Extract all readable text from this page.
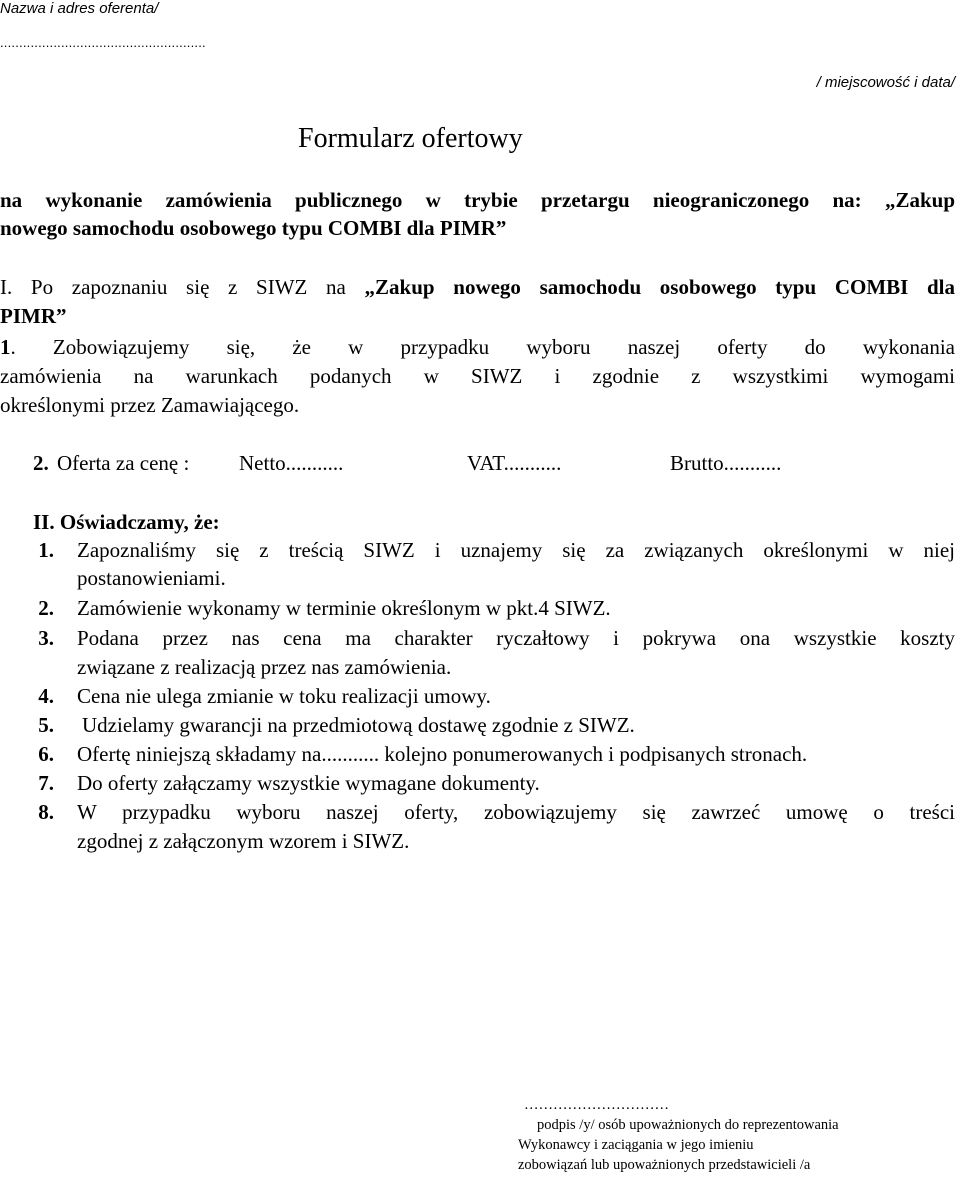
Nazwa i adres oferenta/
......................................................
/ miejscowość i data/
Formularz ofertowy
na wykonanie zamówienia publicznego w trybie przetargu nieograniczonego na: „Zakup
nowego samochodu osobowego typu COMBI dla PIMR”
I. Po zapoznaniu się z SIWZ na „Zakup nowego samochodu osobowego typu COMBI dla
PIMR”
1. Zobowiązujemy się, że w przypadku wyboru naszej oferty do wykonania
zamówienia na warunkach podanych w SIWZ i zgodnie z wszystkimi wymogami
określonymi przez Zamawiającego.
2. Oferta za cenę : Netto...........	VAT...........	Brutto...........
II. Oświadczamy, że:
1. Zapoznaliśmy się z treścią SIWZ i uznajemy się za związanych określonymi w niej
postanowieniami.
2. Zamówienie wykonamy w terminie określonym w pkt.4 SIWZ.
3. Podana przez nas cena ma charakter ryczałtowy i pokrywa ona wszystkie koszty
związane z realizacją przez nas zamówienia.
4. Cena nie ulega zmianie w toku realizacji umowy.
5. Udzielamy gwarancji na przedmiotową dostawę zgodnie z SIWZ.
6. Ofertę niniejszą składamy na........... kolejno ponumerowanych i podpisanych stronach.
7. Do oferty załączamy wszystkie wymagane dokumenty.
8. W przypadku wyboru naszej oferty, zobowiązujemy się zawrzeć umowę o treści
zgodnej z załączonym wzorem i SIWZ.
…………………………
podpis /y/ osób upoważnionych do reprezentowania
Wykonawcy i zaciągania w jego imieniu
zobowiązań lub upoważnionych przedstawicieli /a
